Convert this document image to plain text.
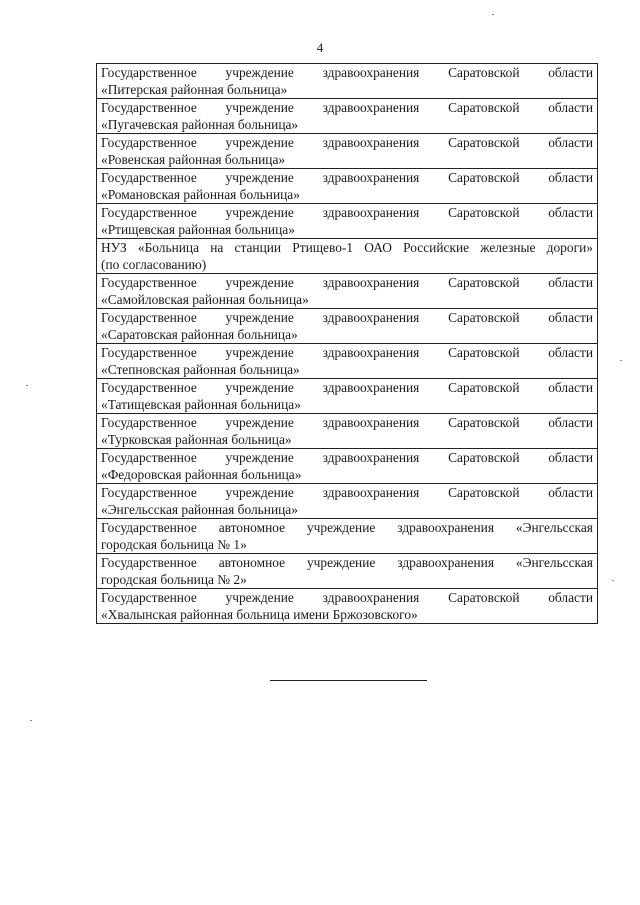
4
Государственное учреждение здравоохранения Саратовской области
«Питерская районная больница»

Государственное учреждение здравоохранения Саратовской области
«Пугачевская районная больница»

Государственное учреждение здравоохранения Саратовской области
«Ровенская районная больница»

Государственное учреждение здравоохранения Саратовской области
«Романовская районная больница»

Государственное учреждение здравоохранения Саратовской области
«Ртищевская районная больница»

НУЗ «Больница на станции Ртищево-1 ОАО Российские железные дороги»
(по согласованию)

Государственное учреждение здравоохранения Саратовской области
«Самойловская районная больница»

Государственное учреждение здравоохранения Саратовской области
«Саратовская районная больница»

Государственное учреждение здравоохранения Саратовской области
«Степновская районная больница»

Государственное учреждение здравоохранения Саратовской области
«Татищевская районная больница»

Государственное учреждение здравоохранения Саратовской области
«Турковская районная больница»

Государственное учреждение здравоохранения Саратовской области
«Федоровская районная больница»

Государственное учреждение здравоохранения Саратовской области
«Энгельсская районная больница»

Государственное автономное учреждение здравоохранения «Энгельсская
городская больница № 1»

Государственное автономное учреждение здравоохранения «Энгельсская
городская больница № 2»

Государственное учреждение здравоохранения Саратовской области
«Хвалынская районная больница имени Бржозовского»
